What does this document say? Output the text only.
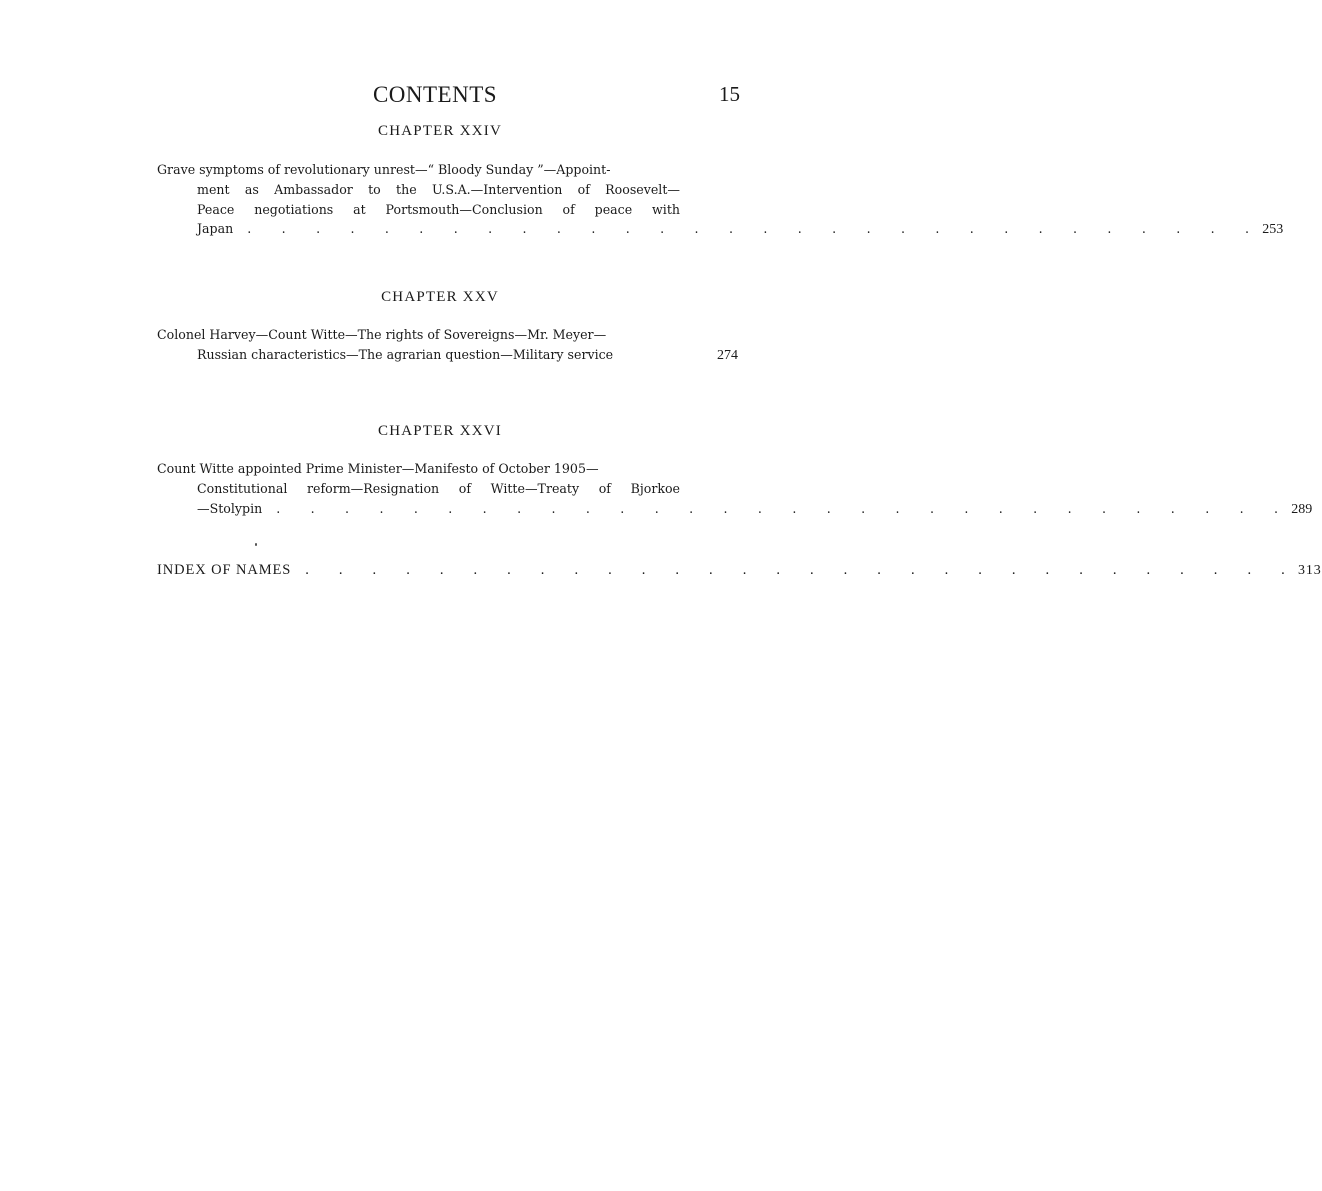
CONTENTS	15
CHAPTER XXIV
Grave symptoms of revolutionary unrest—“ Bloody Sunday ”—Appoint-
ment as Ambassador to the U.S.A.—Intervention of Roosevelt—
Peace negotiations at Portsmouth—Conclusion of peace with
Japan	. . . . . . . . . . . . . . . . . . . . . . . . . . . . . . 253
CHAPTER XXV
Colonel Harvey—Count Witte—The rights of Sovereigns—Mr. Meyer—
Russian characteristics—The agrarian question—Military service	274
CHAPTER XXVI
Count Witte appointed Prime Minister—Manifesto of October 1905—
Constitutional reform—Resignation of Witte—Treaty of Bjorkoe
—Stolypin	. . . . . . . . . . . . . . . . . . . . . . . . . . . . . . 289
INDEX OF NAMES . . . . . . . . . . . . . . . . . . . . . . . . . . . . . . 313
